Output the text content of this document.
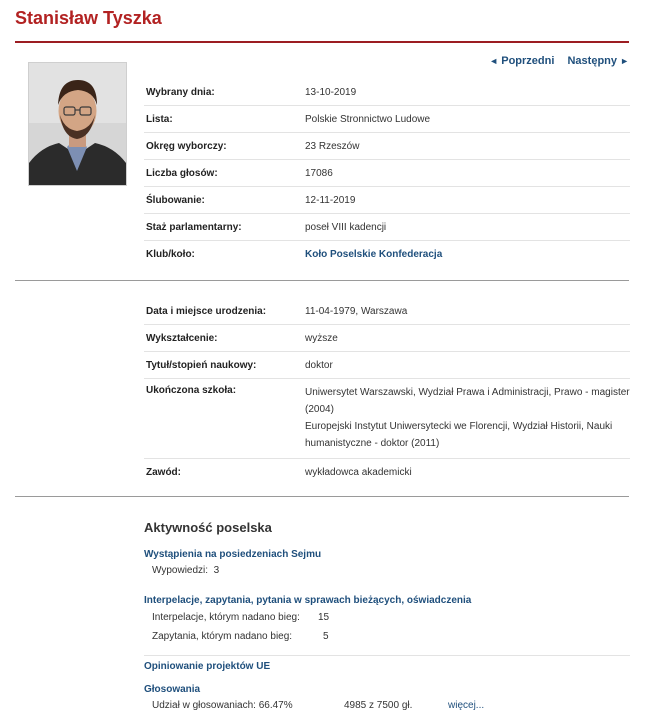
Stanisław Tyszka
◄ Poprzedni Następny ►
Wybrany dnia:	13-10-2019
Lista:	Polskie Stronnictwo Ludowe
Okręg wyborczy:	23 Rzeszów
Liczba głosów:	17086
Ślubowanie:	12-11-2019
Staż parlamentarny:	poseł VIII kadencji
Klub/koło:	Koło Poselskie Konfederacja
Data i miejsce urodzenia:	11-04-1979, Warszawa
Wykształcenie:	wyższe
Tytuł/stopień naukowy:	doktor
Ukończona szkoła:	Uniwersytet Warszawski, Wydział Prawa i Administracji, Prawo - magister
(2004)
Europejski Instytut Uniwersytecki we Florencji, Wydział Historii, Nauki
humanistyczne - doktor (2011)
Zawód:	wykładowca akademicki
Aktywność poselska
Wystąpienia na posiedzeniach Sejmu
Wypowiedzi: 3
Interpelacje, zapytania, pytania w sprawach bieżących, oświadczenia
Interpelacje, którym nadano bieg:	15
Zapytania, którym nadano bieg:	5
Opiniowanie projektów UE
Głosowania
Udział w głosowaniach: 66.47%	4985 z 7500 gł.	więcej...
